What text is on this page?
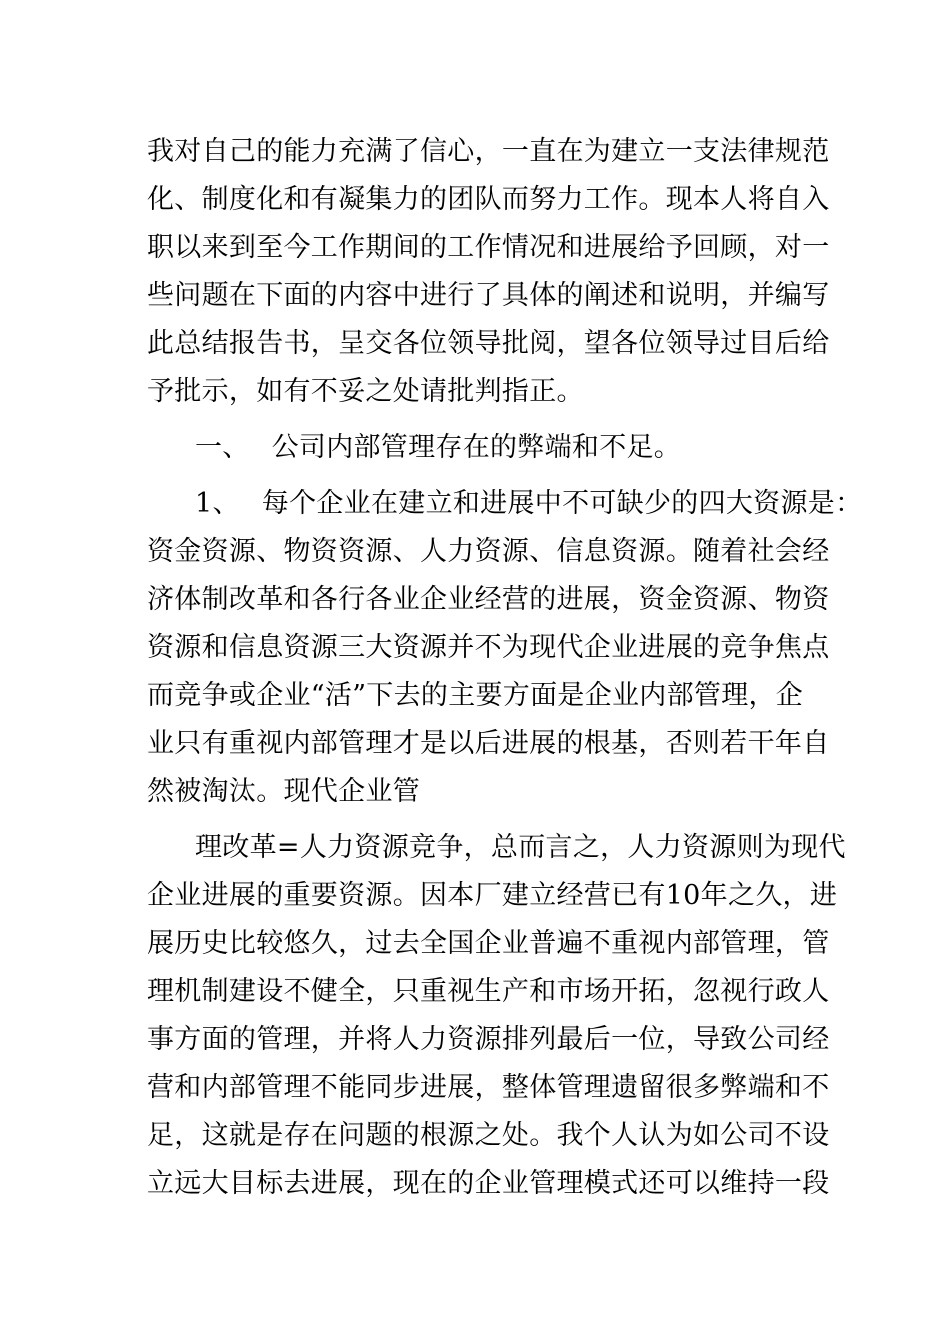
我对自己的能力充满了信心，一直在为建立一支法律规范
化、制度化和有凝集力的团队而努力工作。现本人将自入
职以来到至今工作期间的工作情况和进展给予回顾，对一
些问题在下面的内容中进行了具体的阐述和说明，并编写
此总结报告书，呈交各位领导批阅，望各位领导过目后给
予批示，如有不妥之处请批判指正。
一、 公司内部管理存在的弊端和不足。
1、 每个企业在建立和进展中不可缺少的四大资源是：
资金资源、物资资源、人力资源、信息资源。随着社会经
济体制改革和各行各业企业经营的进展，资金资源、物资
资源和信息资源三大资源并不为现代企业进展的竞争焦点
而竞争或企业“活”下去的主要方面是企业内部管理，企
业只有重视内部管理才是以后进展的根基，否则若干年自
然被淘汰。现代企业管
理改革=人力资源竞争，总而言之，人力资源则为现代
企业进展的重要资源。因本厂建立经营已有10年之久，进
展历史比较悠久，过去全国企业普遍不重视内部管理，管
理机制建设不健全，只重视生产和市场开拓，忽视行政人
事方面的管理，并将人力资源排列最后一位，导致公司经
营和内部管理不能同步进展，整体管理遗留很多弊端和不
足，这就是存在问题的根源之处。我个人认为如公司不设
立远大目标去进展，现在的企业管理模式还可以维持一段
